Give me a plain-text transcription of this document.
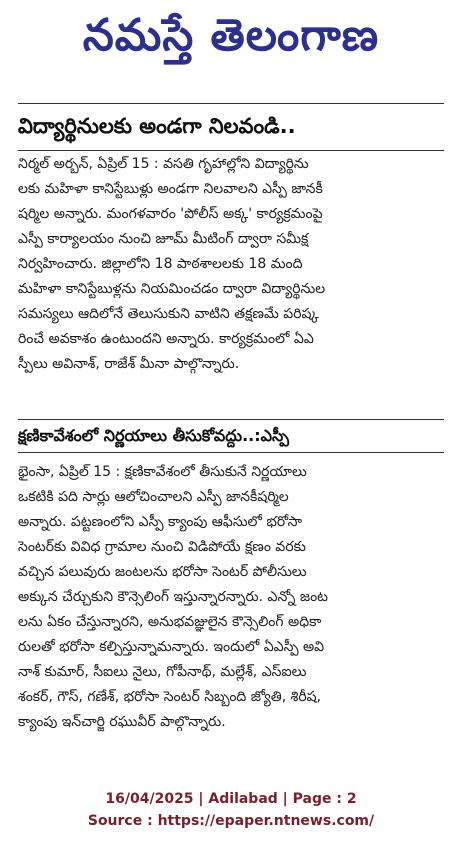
నమస్తే తెలంగాణ
విద్యార్థినులకు అండగా నిలవండి..
నిర్మల్ అర్బన్, ఏప్రిల్ 15 : వసతి గృహాల్లోని విద్యార్థిను
లకు మహిళా కానిస్టేబుళ్లు అండగా నిలవాలని ఎస్పీ జానకీ
షర్మిల అన్నారు. మంగళవారం 'పోలీస్ అక్క' కార్యక్రమంపై
ఎస్పీ కార్యాలయం నుంచి జూమ్ మీటింగ్ ద్వారా సమీక్ష
నిర్వహించారు. జిల్లాలోని 18 పాఠశాలలకు 18 మంది
మహిళా కానిస్టేబుళ్లను నియమించడం ద్వారా విద్యార్థినుల
సమస్యలు ఆదిలోనే తెలుసుకుని వాటిని తక్షణమే పరిష్క
రించే అవకాశం ఉంటుందని అన్నారు. కార్యక్రమంలో ఏఎ
స్పీలు అవినాశ్, రాజేశ్ మీనా పాల్గొన్నారు.
క్షణికావేశంలో నిర్ణయాలు తీసుకోవద్దు..:ఎస్పీ
భైంసా, ఏప్రిల్ 15 : క్షణికావేశంలో తీసుకునే నిర్ణయాలు
ఒకటికి పది సార్లు ఆలోచించాలని ఎస్పీ జానకీషర్మిల
అన్నారు. పట్టణంలోని ఎస్పీ క్యాంపు ఆఫీసులో భరోసా
సెంటర్‌కు వివిధ గ్రామాల నుంచి విడిపోయే క్షణం వరకు
వచ్చిన పలువురు జంటలను భరోసా సెంటర్ పోలీసులు
అక్కున చేర్చుకుని కౌన్సెలింగ్ ఇస్తున్నారన్నారు. ఎన్నో జంట
లను ఏకం చేస్తున్నారని, అనుభవజ్ఞులైన కౌన్సెలింగ్ అధికా
రులతో భరోసా కల్పిస్తున్నామన్నారు. ఇందులో ఏఎస్పీ అవి
నాశ్ కుమార్, సీఐలు నైలు, గోపీనాథ్, మల్లేశ్, ఎస్ఐలు
శంకర్, గౌస్, గణేశ్, భరోసా సెంటర్ సిబ్బంది జ్యోతి, శిరీష,
క్యాంపు ఇన్‌చార్జి రఘువీర్ పాల్గొన్నారు.
16/04/2025 | Adilabad | Page : 2
Source : https://epaper.ntnews.com/
